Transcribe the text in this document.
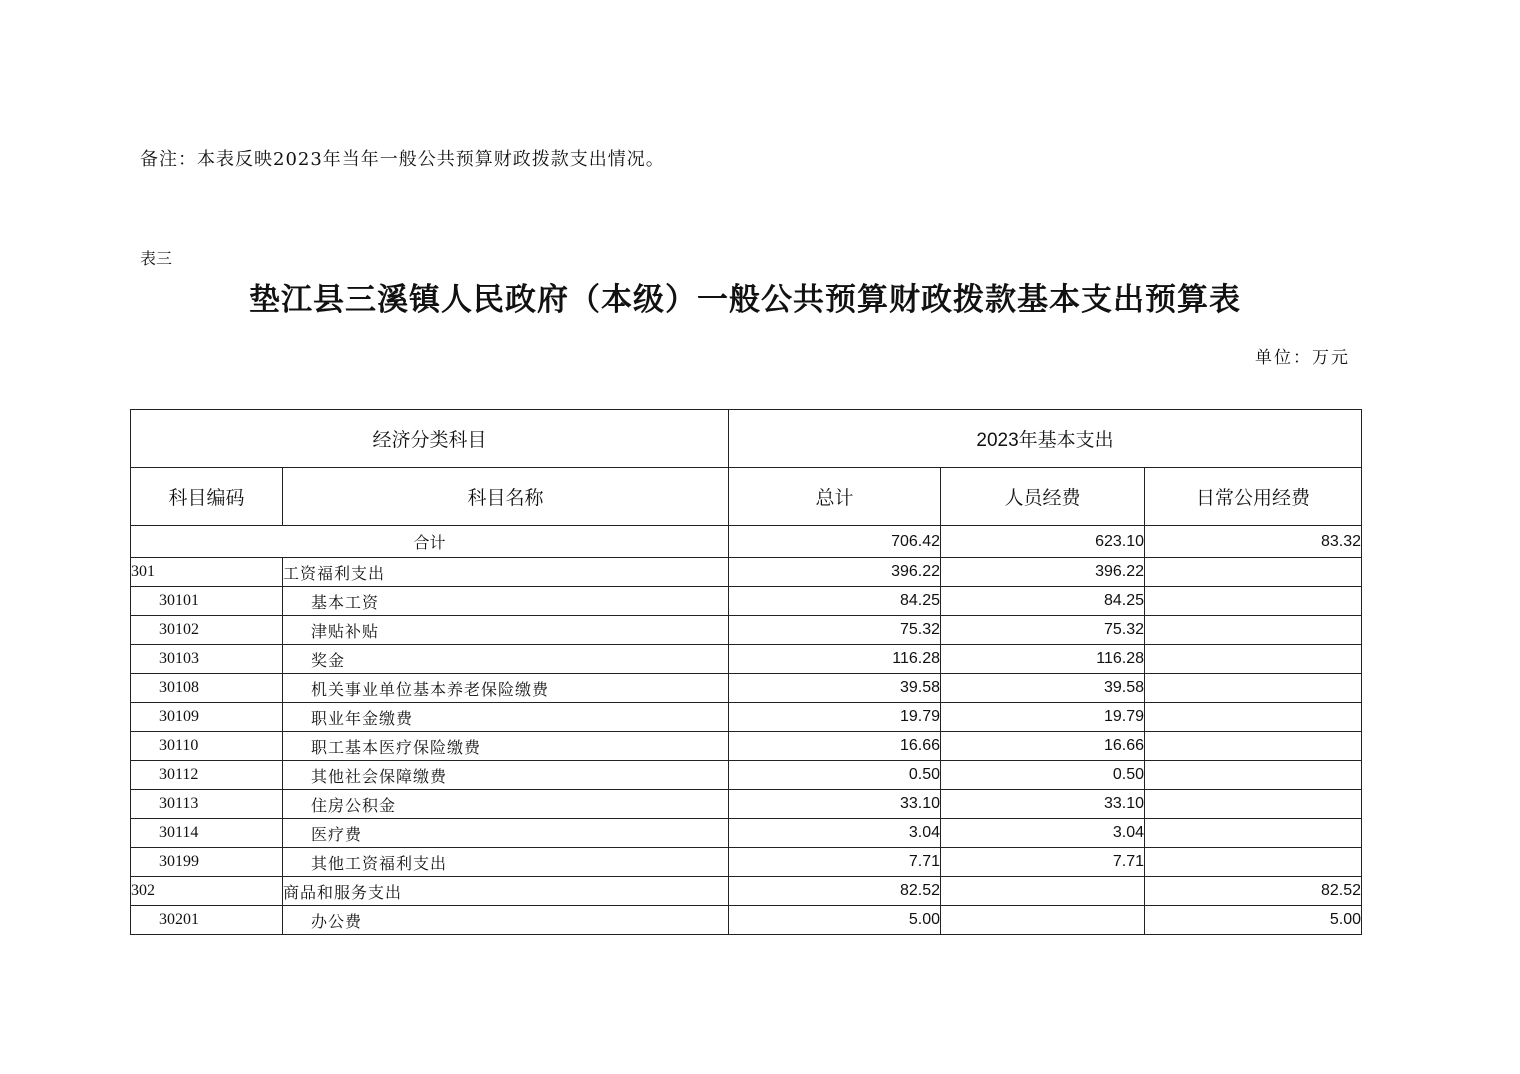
备注：本表反映2023年当年一般公共预算财政拨款支出情况。
表三
垫江县三溪镇人民政府（本级）一般公共预算财政拨款基本支出预算表
单位：万元
经济分类科目		2023年基本支出		
科目编码	科目名称	总计	人员经费	日常公用经费
合计		706.42	623.10	83.32
301	工资福利支出	396.22	396.22	
30101	基本工资	84.25	84.25	
30102	津贴补贴	75.32	75.32	
30103	奖金	116.28	116.28	
30108	机关事业单位基本养老保险缴费	39.58	39.58	
30109	职业年金缴费	19.79	19.79	
30110	职工基本医疗保险缴费	16.66	16.66	
30112	其他社会保障缴费	0.50	0.50	
30113	住房公积金	33.10	33.10	
30114	医疗费	3.04	3.04	
30199	其他工资福利支出	7.71	7.71	
302	商品和服务支出	82.52		82.52
30201	办公费	5.00		5.00
